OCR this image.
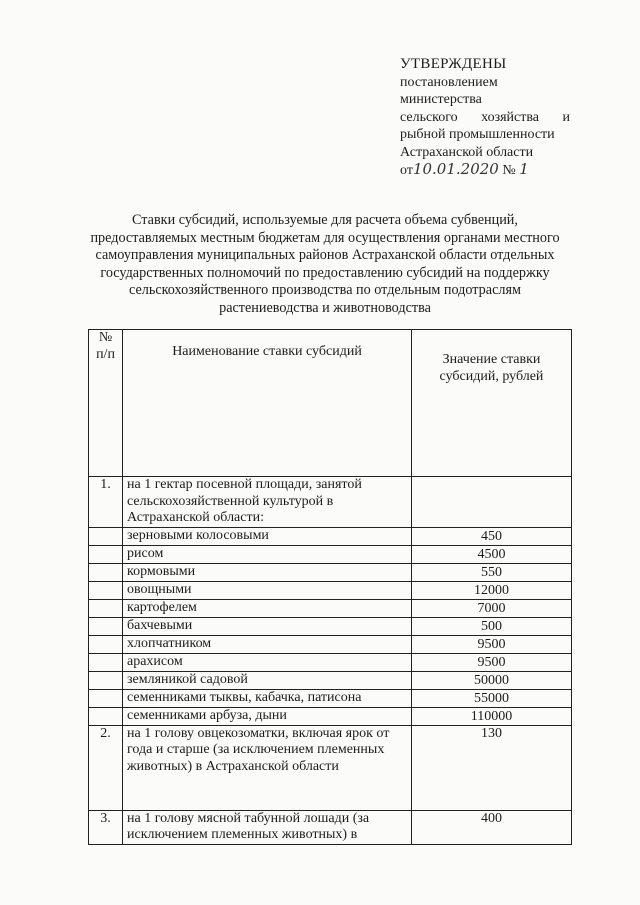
УТВЕРЖДЕНЫ
постановлением
министерства
сельского хозяйства и
рыбной промышленности
Астраханской области
от10.01.2020 № 1
Ставки субсидий, используемые для расчета объема субвенций, предоставляемых местным бюджетам для осуществления органами местного самоуправления муниципальных районов Астраханской области отдельных государственных полномочий по предоставлению субсидий на поддержку сельскохозяйственного производства по отдельным подотраслям растениеводства и животноводства
№
п/п	Наименование ставки субсидий	Значение ставки субсидий, рублей

1.	на 1 гектар посевной площади, занятой сельскохозяйственной культурой в Астраханской области:	
	зерновыми колосовыми	450
	рисом	4500
	кормовыми	550
	овощными	12000
	картофелем	7000
	бахчевыми	500
	хлопчатником	9500
	арахисом	9500
	земляникой садовой	50000
	семенниками тыквы, кабачка, патисона	55000
	семенниками арбуза, дыни	110000
2.	на 1 голову овцекозоматки, включая ярок от года и старше (за исключением племенных животных) в Астраханской области	130
3.	на 1 голову мясной табунной лошади (за исключением племенных животных) в	400
